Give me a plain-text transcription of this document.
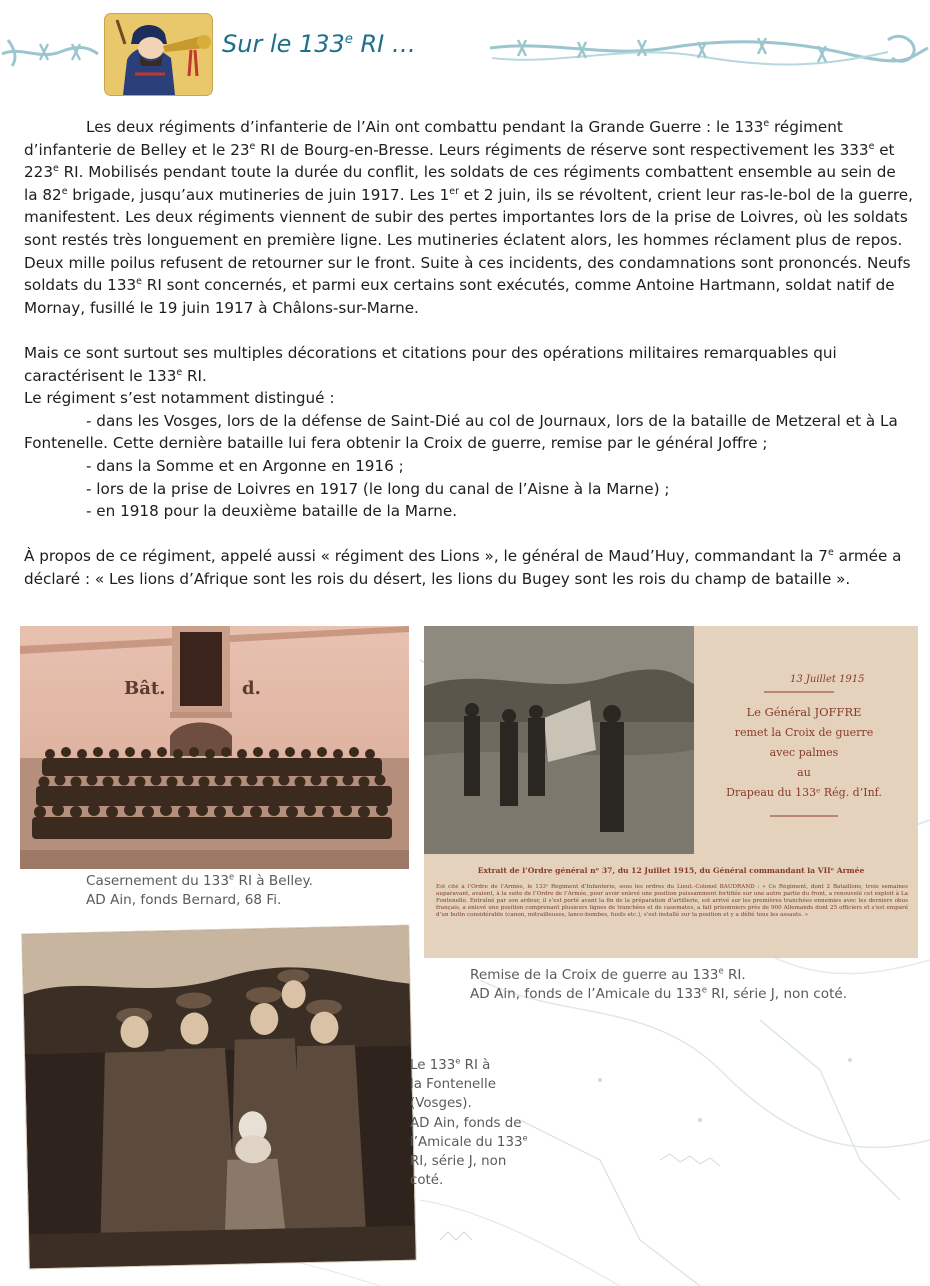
Sur le 133e RI …

Les deux régiments d’infanterie de l’Ain ont combattu pendant la Grande Guerre : le 133e régiment d’infanterie de Belley et le 23e RI de Bourg-en-Bresse. Leurs régiments de réserve sont respectivement les 333e et 223e RI. Mobilisés pendant toute la durée du conflit, les soldats de ces régiments combattent ensemble au sein de la 82e brigade, jusqu’aux mutineries de juin 1917. Les 1er et 2 juin, ils se révoltent, crient leur ras-le-bol de la guerre, manifestent. Les deux régiments viennent de subir des pertes importantes lors de la prise de Loivres, où les soldats sont restés très longuement en première ligne. Les mutineries éclatent alors, les hommes réclament plus de repos. Deux mille poilus refusent de retourner sur le front. Suite à ces incidents, des condamnations sont prononcés. Neufs soldats du 133e RI sont concernés, et parmi eux certains sont exécutés, comme Antoine Hartmann, soldat natif de Mornay, fusillé le 19 juin 1917 à Châlons-sur-Marne.

Mais ce sont surtout ses multiples décorations et citations pour des opérations militaires remarquables qui caractérisent le 133e RI.

Le régiment s’est notamment distingué :

- dans les Vosges, lors de la défense de Saint-Dié au col de Journaux, lors de la bataille de Metzeral et à La Fontenelle. Cette dernière bataille lui fera obtenir la Croix de guerre, remise par le général Joffre ;

- dans la Somme et en Argonne en 1916 ;

- lors de la prise de Loivres en 1917 (le long du canal de l’Aisne à la Marne) ;

- en 1918 pour la deuxième bataille de la Marne.

À propos de ce régiment, appelé aussi « régiment des Lions », le général de Maud’Huy, commandant la 7e armée a déclaré : « Les lions d’Afrique sont les rois du désert, les lions du Bugey sont les rois du champ de bataille ».

Bât.	d.
Casernement du 133e RI à Belley.
AD Ain, fonds Bernard, 68 Fi.
13 Juillet 1915
Le Général JOFFRE
remet la Croix de guerre
avec palmes
au
Drapeau du 133ᵉ Rég. d’Inf.
Extrait de l’Ordre général nᵒ 37, du 12 Juillet 1915, du Général commandant la VIIᵉ Armée
Est cité à l’Ordre de l’Armée, le 133ᵉ Régiment d’Infanterie, sous les ordres du Lieut.-Colonel BAUDRAND : « Ce Régiment, dont 2 Bataillons, trois semaines auparavant, avaient, à la suite de l’Ordre de l’Armée, pour avoir enlevé une position puissamment fortifiée sur une autre partie du front, a renouvelé cet exploit à La Fontenelle. Entraîné par son ardeur, il s’est porté avant la fin de la préparation d’artillerie, est arrivé sur les premières tranchées ennemies avec les derniers obus français, a enlevé une position comprenant plusieurs lignes de tranchées et de casemates, a fait prisonniers près de 900 Allemands dont 25 officiers et s’est emparé d’un butin considérable (canon, mitrailleuses, lance-bombes, fusils etc.), s’est installé sur la position et y a défié tous les assauts. »
Remise de la Croix de guerre au 133e RI.
AD Ain, fonds de l’Amicale du 133e RI, série J, non coté.
Le 133e RI à
la Fontenelle
(Vosges).
AD Ain, fonds de
l’Amicale du 133e
RI, série J, non
coté.
